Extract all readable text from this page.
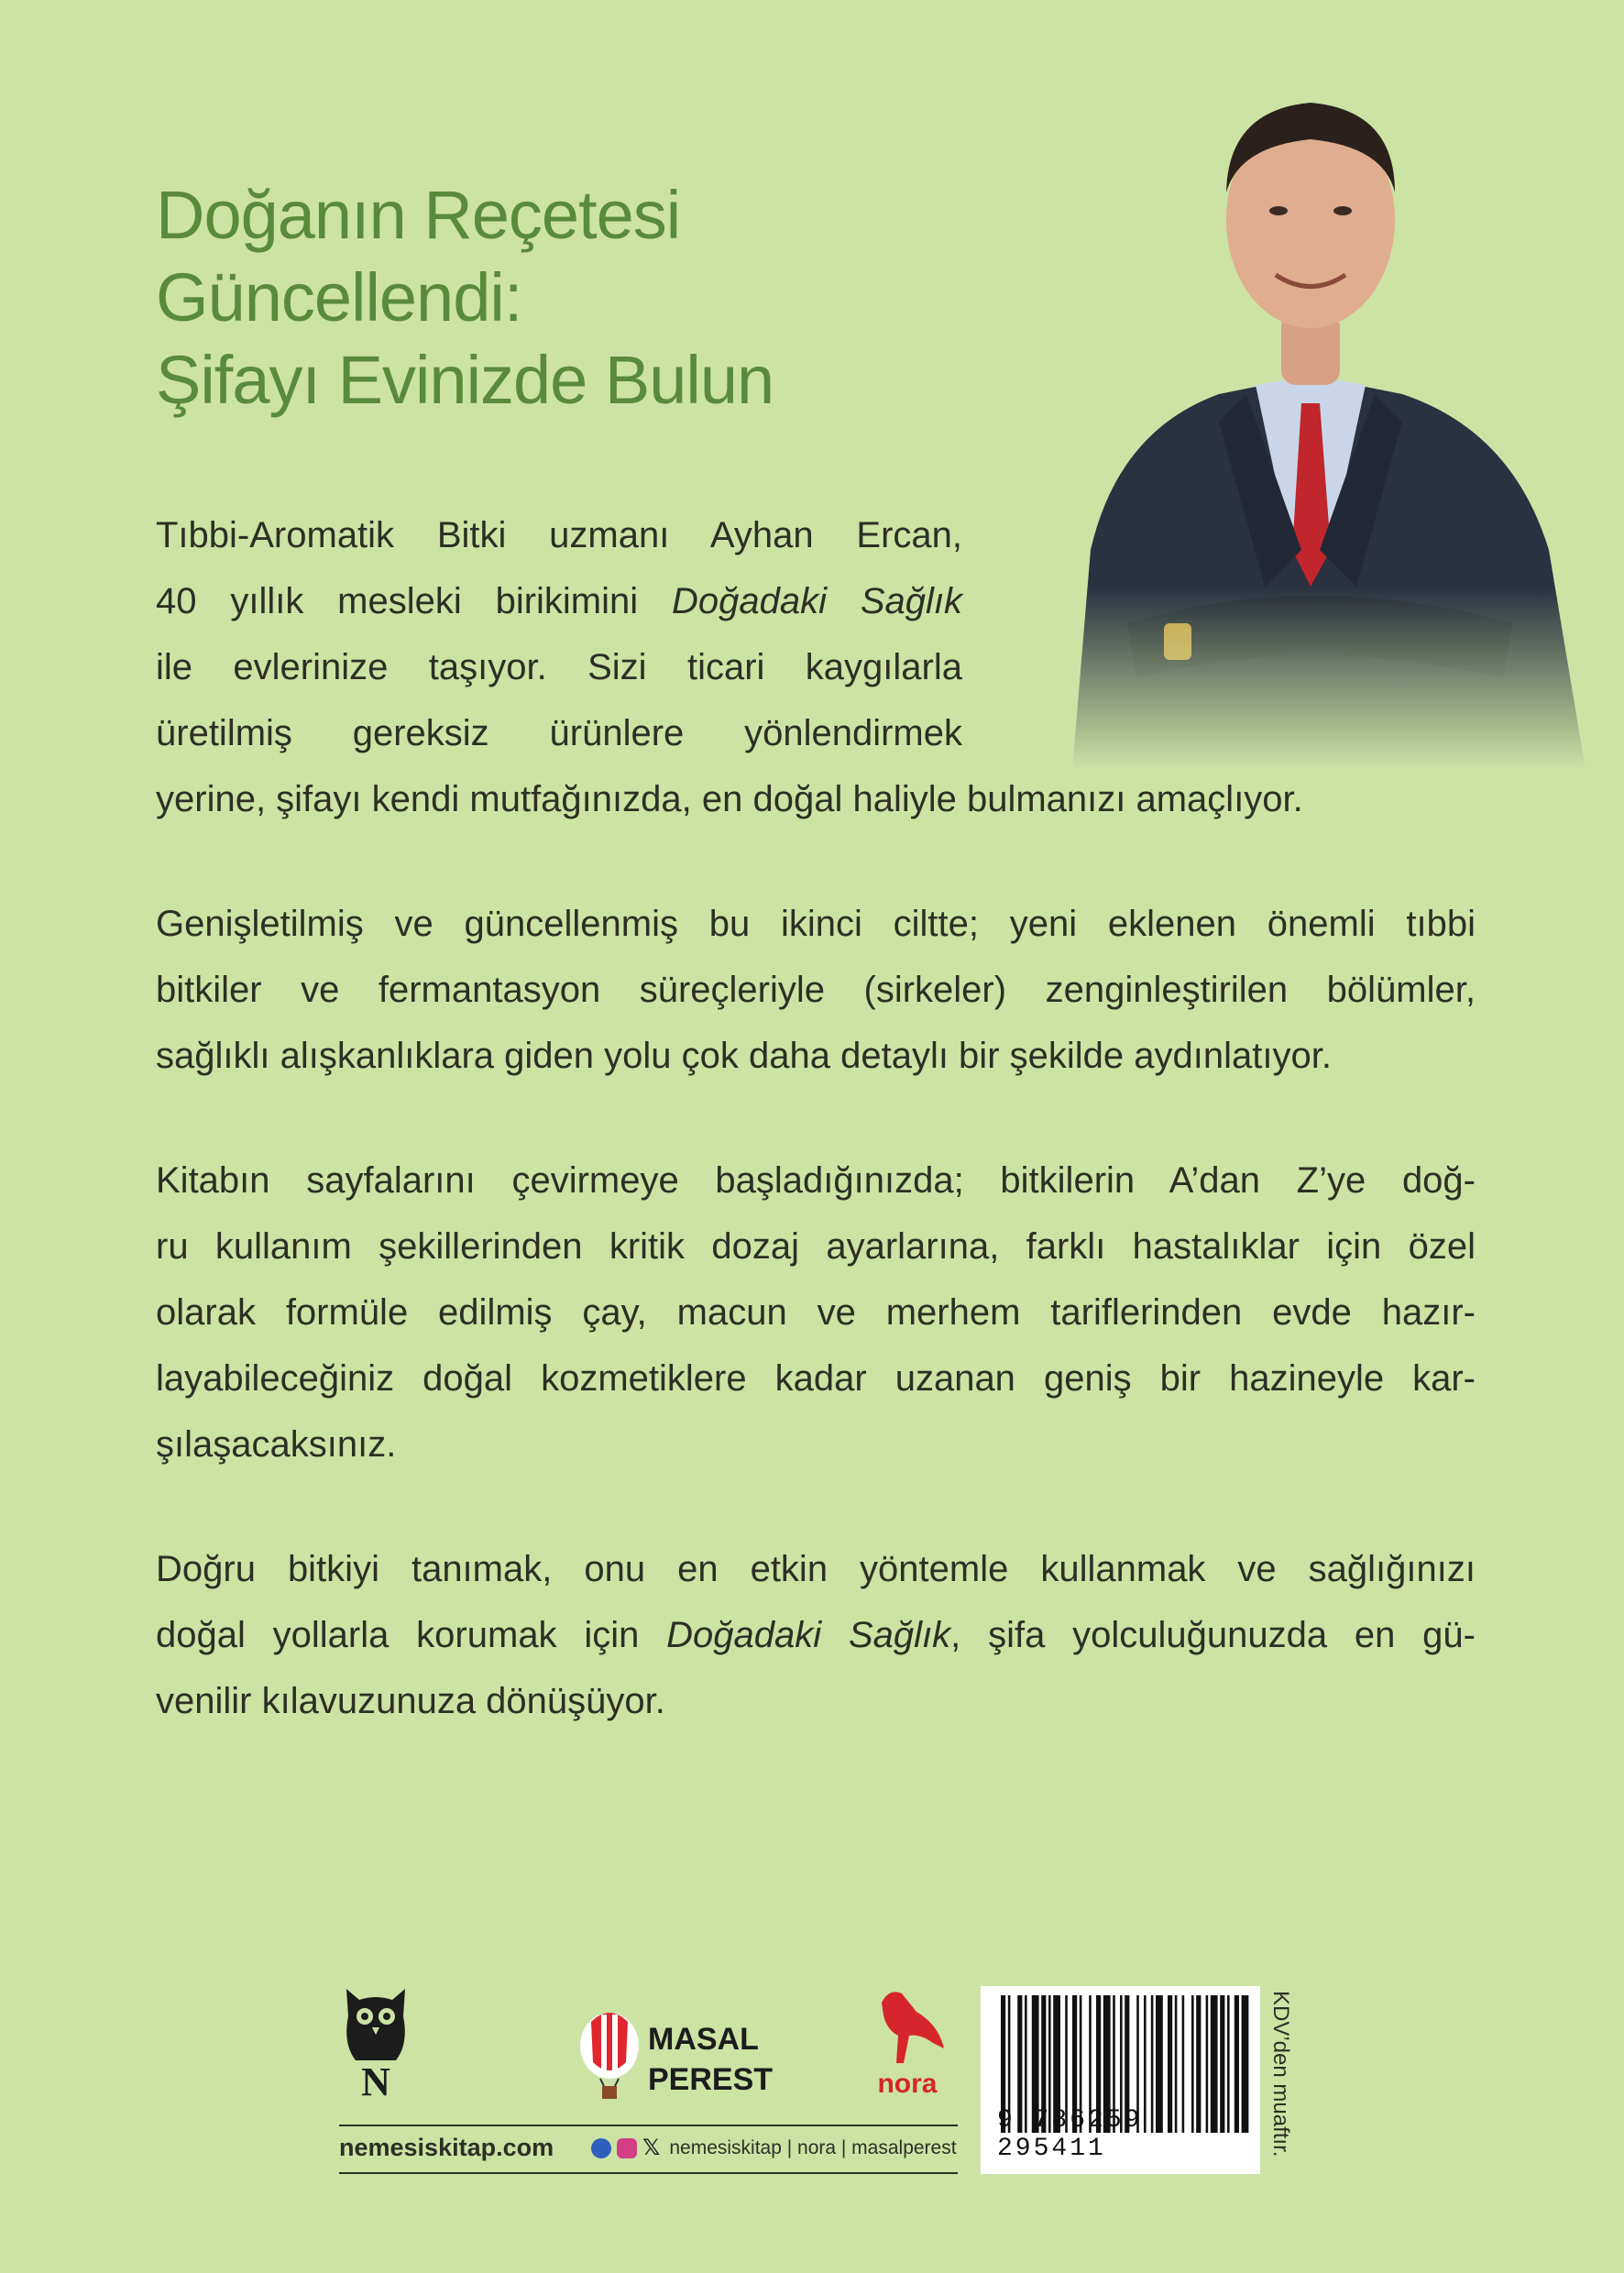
Doğanın Reçetesi
Güncellendi:
Şifayı Evinizde Bulun

Tıbbi-Aromatik Bitki uzmanı Ayhan Ercan,
40 yıllık mesleki birikimini Doğadaki Sağlık
ile evlerinize taşıyor. Sizi ticari kaygılarla
üretilmiş gereksiz ürünlere yönlendirmek
yerine, şifayı kendi mutfağınızda, en doğal haliyle bulmanızı amaçlıyor.

Genişletilmiş ve güncellenmiş bu ikinci ciltte; yeni eklenen önemli tıbbi
bitkiler ve fermantasyon süreçleriyle (sirkeler) zenginleştirilen bölümler,
sağlıklı alışkanlıklara giden yolu çok daha detaylı bir şekilde aydınlatıyor.

Kitabın sayfalarını çevirmeye başladığınızda; bitkilerin A’dan Z’ye doğ-
ru kullanım şekillerinden kritik dozaj ayarlarına, farklı hastalıklar için özel
olarak formüle edilmiş çay, macun ve merhem tariflerinden evde hazır-
layabileceğiniz doğal kozmetiklere kadar uzanan geniş bir hazineyle kar-
şılaşacaksınız.

Doğru bitkiyi tanımak, onu en etkin yöntemle kullanmak ve sağlığınızı
doğal yollarla korumak için Doğadaki Sağlık, şifa yolculuğunuzda en gü-
venilir kılavuzunuza dönüşüyor.

N
MASAL
PEREST	nora
nemesiskitap.com	𝕏 nemesiskitap | nora | masalperest
9 786259 295411	KDV’den muaftır.
